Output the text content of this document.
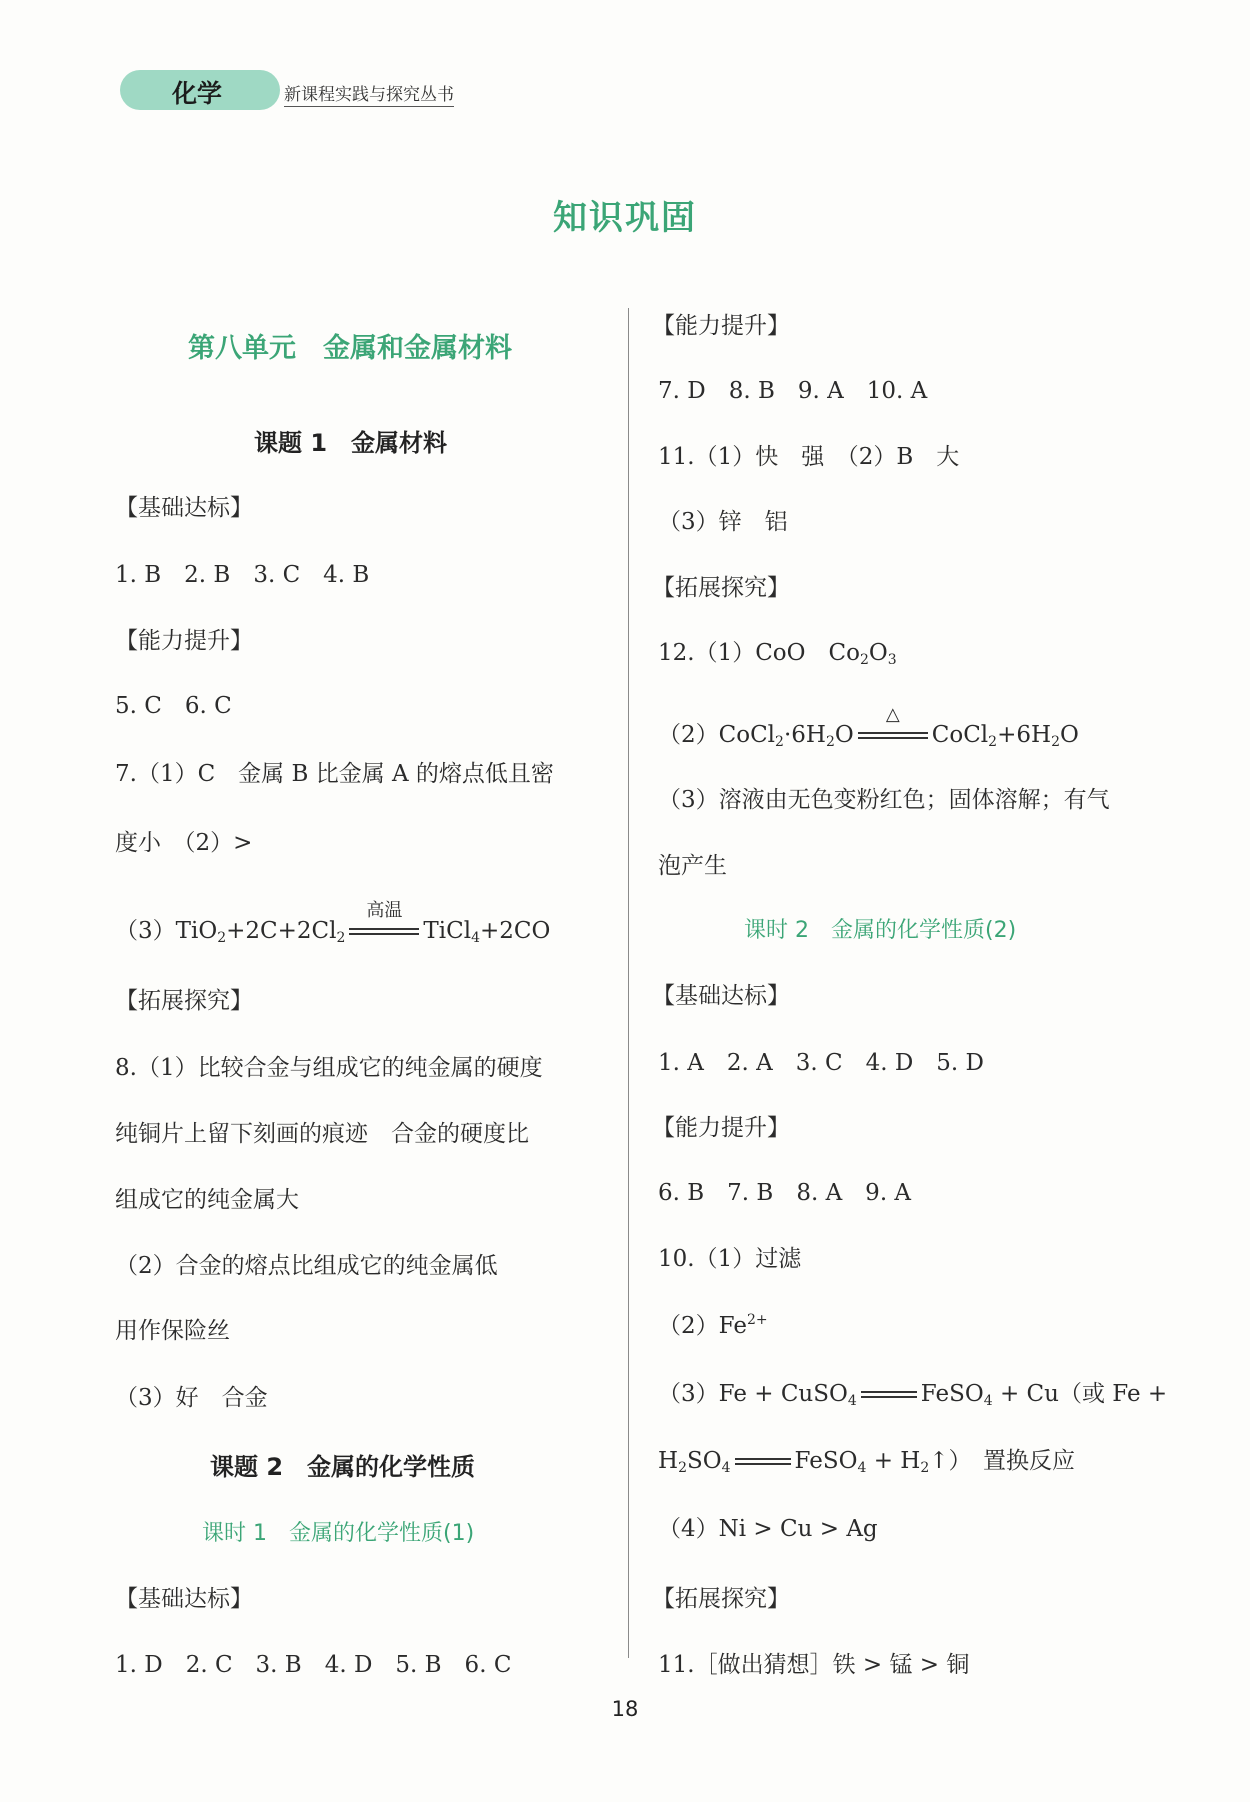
化学	新课程实践与探究丛书
知识巩固
第八单元　金属和金属材料
课题 1　金属材料
【基础达标】
1. B　2. B　3. C　4. B
【能力提升】
5. C　6. C
7.（1）C　金属 B 比金属 A 的熔点低且密
度小　（2）>
$(3)TiO_2+2C+2Cl_2$
高温
TiCl$_4$+2CO
【拓展探究】
8.（1）比较合金与组成它的纯金属的硬度
纯铜片上留下刻画的痕迹　合金的硬度比
组成它的纯金属大
（2）合金的熔点比组成它的纯金属低
用作保险丝
（3）好　合金
课题 2　金属的化学性质
课时 1　金属的化学性质(1)
【基础达标】
1. D　2. C　3. B　4. D　5. B　6. C
【能力提升】
7. D　8. B　9. A　10. A
11.（1）快　强　（2）B　大
（3）锌　铝
【拓展探究】
12.（1）CoO　$Co_2O_3$
$(2)CoCl_2\cdot 6H_2O$
△
$CoCl_2+6H_2O$
（3）溶液由无色变粉红色；固体溶解；有气
泡产生
课时 2　金属的化学性质(2)
【基础达标】
1. A　2. A　3. C　4. D　5. D
【能力提升】
6. B　7. B　8. A　9. A
10.（1）过滤
$(2)Fe^{2+}$
（3）Fe + CuSO$_4$	FeSO$_4$ + Cu（或 Fe +
$H_2SO_4$	FeSO$_4$ + $H_2↑$）　置换反应
（4）Ni > Cu > Ag
【拓展探究】
11.［做出猜想］铁 > 锰 > 铜
18
